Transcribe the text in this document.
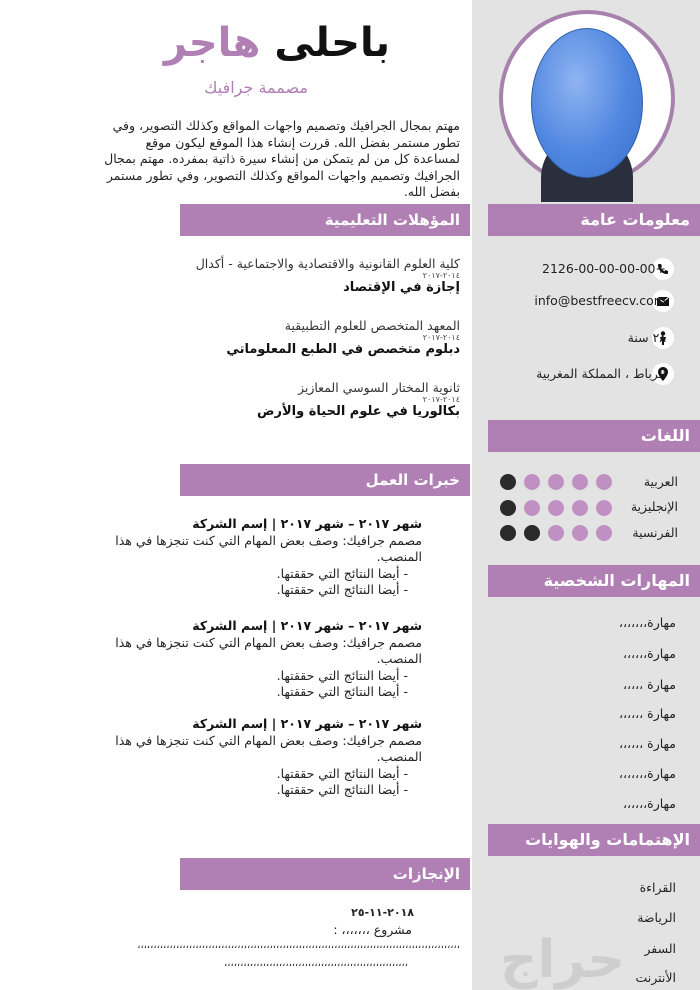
باحلى هاجر
مصممة جرافيك
مهتم بمجال الجرافيك وتصميم واجهات المواقع وكذلك التصوير، وفي تطور مستمر بفضل الله. قررت إنشاء هذا الموقع ليكون موقع لمساعدة كل من لم يتمكن من إنشاء سيرة ذاتية بمفرده. مهتم بمجال الجرافيك وتصميم واجهات المواقع وكذلك التصوير، وفي تطور مستمر بفضل الله.
المؤهلات التعليمية
كلية العلوم القانونية والاقتصادية والاجتماعية - أكدال
٢٠١٤-٢٠١٧
إجازة في الإقتصاد
المعهد المتخصص للعلوم التطبيقية
٢٠١٤-٢٠١٧
دبلوم متخصص في الطبع المعلوماتي
ثانوية المختار السوسي المعازيز
٢٠١٤-٢٠١٧
بكالوريا في علوم الحياة والأرض
خبرات العمل
شهر ٢٠١٧ – شهر ٢٠١٧ | إسم الشركة
مصمم جرافيك: وصف بعض المهام التي كنت تنجزها في هذا المنصب.
- أيضا النتائج التي حققتها.
- أيضا النتائج التي حققتها.
شهر ٢٠١٧ – شهر ٢٠١٧ | إسم الشركة
مصمم جرافيك: وصف بعض المهام التي كنت تنجزها في هذا المنصب.
- أيضا النتائج التي حققتها.
- أيضا النتائج التي حققتها.
شهر ٢٠١٧ – شهر ٢٠١٧ | إسم الشركة
مصمم جرافيك: وصف بعض المهام التي كنت تنجزها في هذا المنصب.
- أيضا النتائج التي حققتها.
- أيضا النتائج التي حققتها.
الإنجازات
٢٠١٨-١١-٢٥
مشروع ،،،،،،، :
،،،،،،،،،،،،،،،،،،،،،،،،،،،،،،،،،،،،،،،،،،،،،،،،،،،،،،،،،،،،،،،،،،،،،،،،،،،،،،،،،،،،،،،،،،،،،،،،،،،،
،،،،،،،،،،،،،،،،،،،،،،،،،،،،،،،،،،،،،،،،،،،،،،،،،،،،،،،،،
معلومات عامة
+2126-00-00-00-00
info@bestfreecv.com
٢٨ سنة
الرباط ، المملكة المغربية
اللغات
العربية
الإنجليزية
الفرنسية
المهارات الشخصية
مهارة،،،،،،،
مهارة،،،،،،
مهارة ،،،،،
مهارة ،،،،،،
مهارة ،،،،،،
مهارة،،،،،،،
مهارة،،،،،،
الإهتمامات والهوايات
القراءة
الرياضة
السفر
الأنترنت
حراج
